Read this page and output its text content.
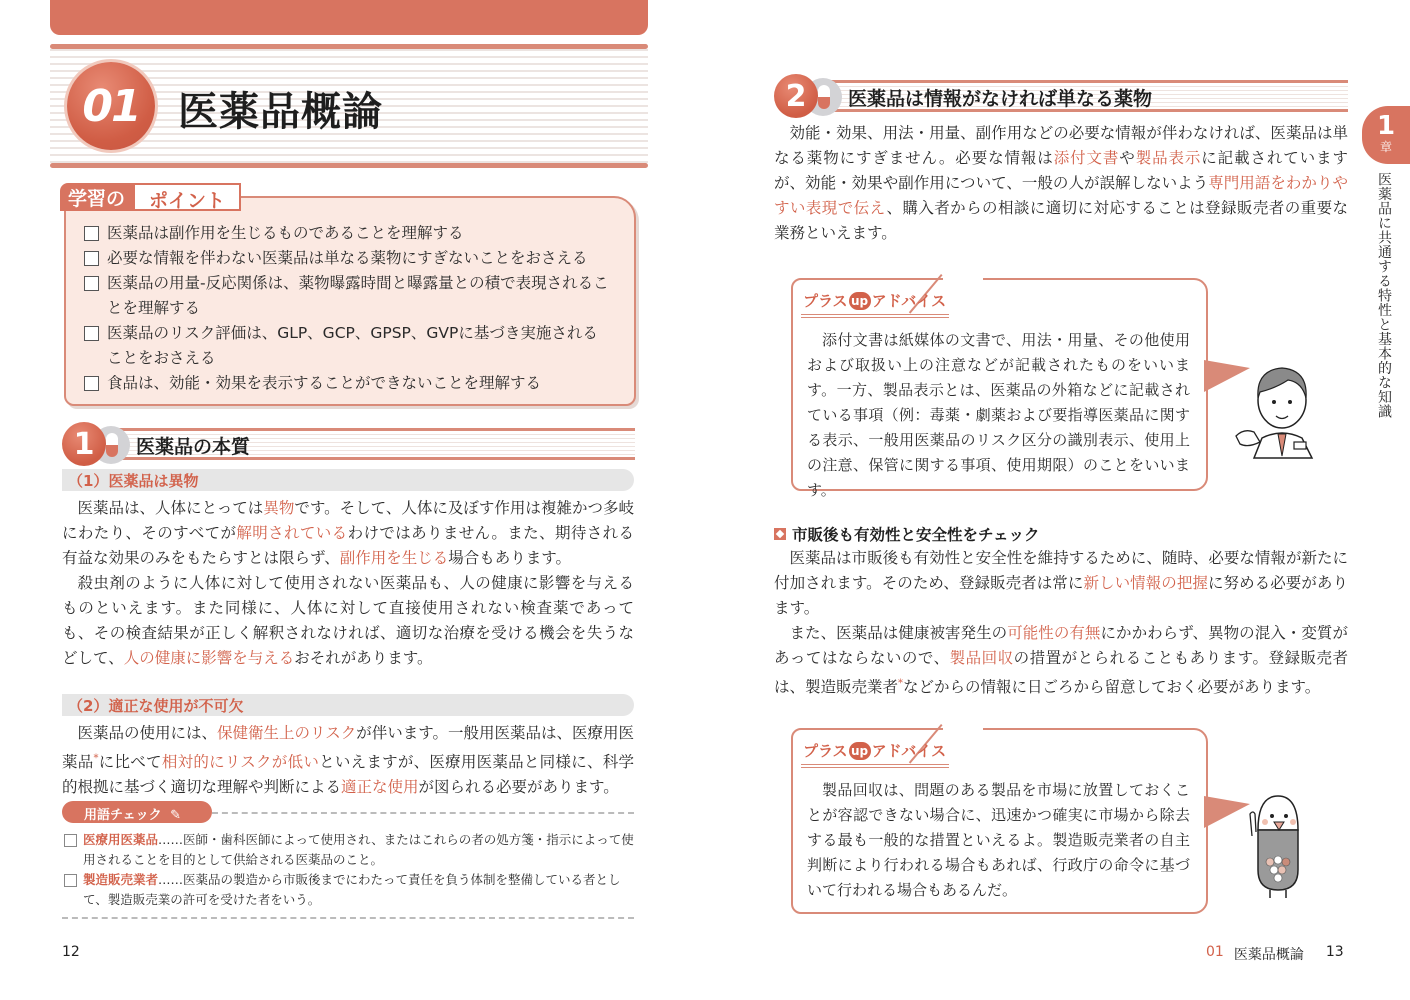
01 医薬品概論
学習の	ポイント
医薬品は副作用を生じるものであることを理解する
必要な情報を伴わない医薬品は単なる薬物にすぎないことをおさえる
医薬品の用量-反応関係は、薬物曝露時間と曝露量との積で表現されることを理解する
医薬品のリスク評価は、GLP、GCP、GPSP、GVPに基づき実施されることをおさえる
食品は、効能・効果を表示することができないことを理解する
1	医薬品の本質
（1）医薬品は異物

医薬品は、人体にとっては異物です。そして、人体に及ぼす作用は複雑かつ多岐にわたり、そのすべてが解明されているわけではありません。また、期待される有益な効果のみをもたらすとは限らず、副作用を生じる場合もあります。

殺虫剤のように人体に対して使用されない医薬品も、人の健康に影響を与えるものといえます。また同様に、人体に対して直接使用されない検査薬であっても、その検査結果が正しく解釈されなければ、適切な治療を受ける機会を失うなどして、人の健康に影響を与えるおそれがあります。

（2）適正な使用が不可欠

医薬品の使用には、保健衛生上のリスクが伴います。一般用医薬品は、医療用医薬品*に比べて相対的にリスクが低いといえますが、医療用医薬品と同様に、科学的根拠に基づく適切な理解や判断による適正な使用が図られる必要があります。

用語チェック ✎
医療用医薬品……医師・歯科医師によって使用され、またはこれらの者の処方箋・指示によって使用されることを目的として供給される医薬品のこと。
製造販売業者……医薬品の製造から市販後までにわたって責任を負う体制を整備している者として、製造販売業の許可を受けた者をいう。
12
1
章
医薬品に共通する特性と基本的な知識
2	医薬品は情報がなければ単なる薬物

効能・効果、用法・用量、副作用などの必要な情報が伴わなければ、医薬品は単なる薬物にすぎません。必要な情報は添付文書や製品表示に記載されていますが、効能・効果や副作用について、一般の人が誤解しないよう専門用語をわかりやすい表現で伝え、購入者からの相談に適切に対応することは登録販売者の重要な業務といえます。

プラス up アドバイス

添付文書は紙媒体の文書で、用法・用量、その他使用および取扱い上の注意などが記載されたものをいいます。一方、製品表示とは、医薬品の外箱などに記載されている事項（例：毒薬・劇薬および要指導医薬品に関する表示、一般用医薬品のリスク区分の識別表示、使用上の注意、保管に関する事項、使用期限）のことをいいます。

市販後も有効性と安全性をチェック

医薬品は市販後も有効性と安全性を維持するために、随時、必要な情報が新たに付加されます。そのため、登録販売者は常に新しい情報の把握に努める必要があります。

また、医薬品は健康被害発生の可能性の有無にかかわらず、異物の混入・変質があってはならないので、製品回収の措置がとられることもあります。登録販売者は、製造販売業者*などからの情報に日ごろから留意しておく必要があります。

プラス up アドバイス

製品回収は、問題のある製品を市場に放置しておくことが容認できない場合に、迅速かつ確実に市場から除去する最も一般的な措置といえるよ。製造販売業者の自主判断により行われる場合もあれば、行政庁の命令に基づいて行われる場合もあるんだ。

01 医薬品概論 13
